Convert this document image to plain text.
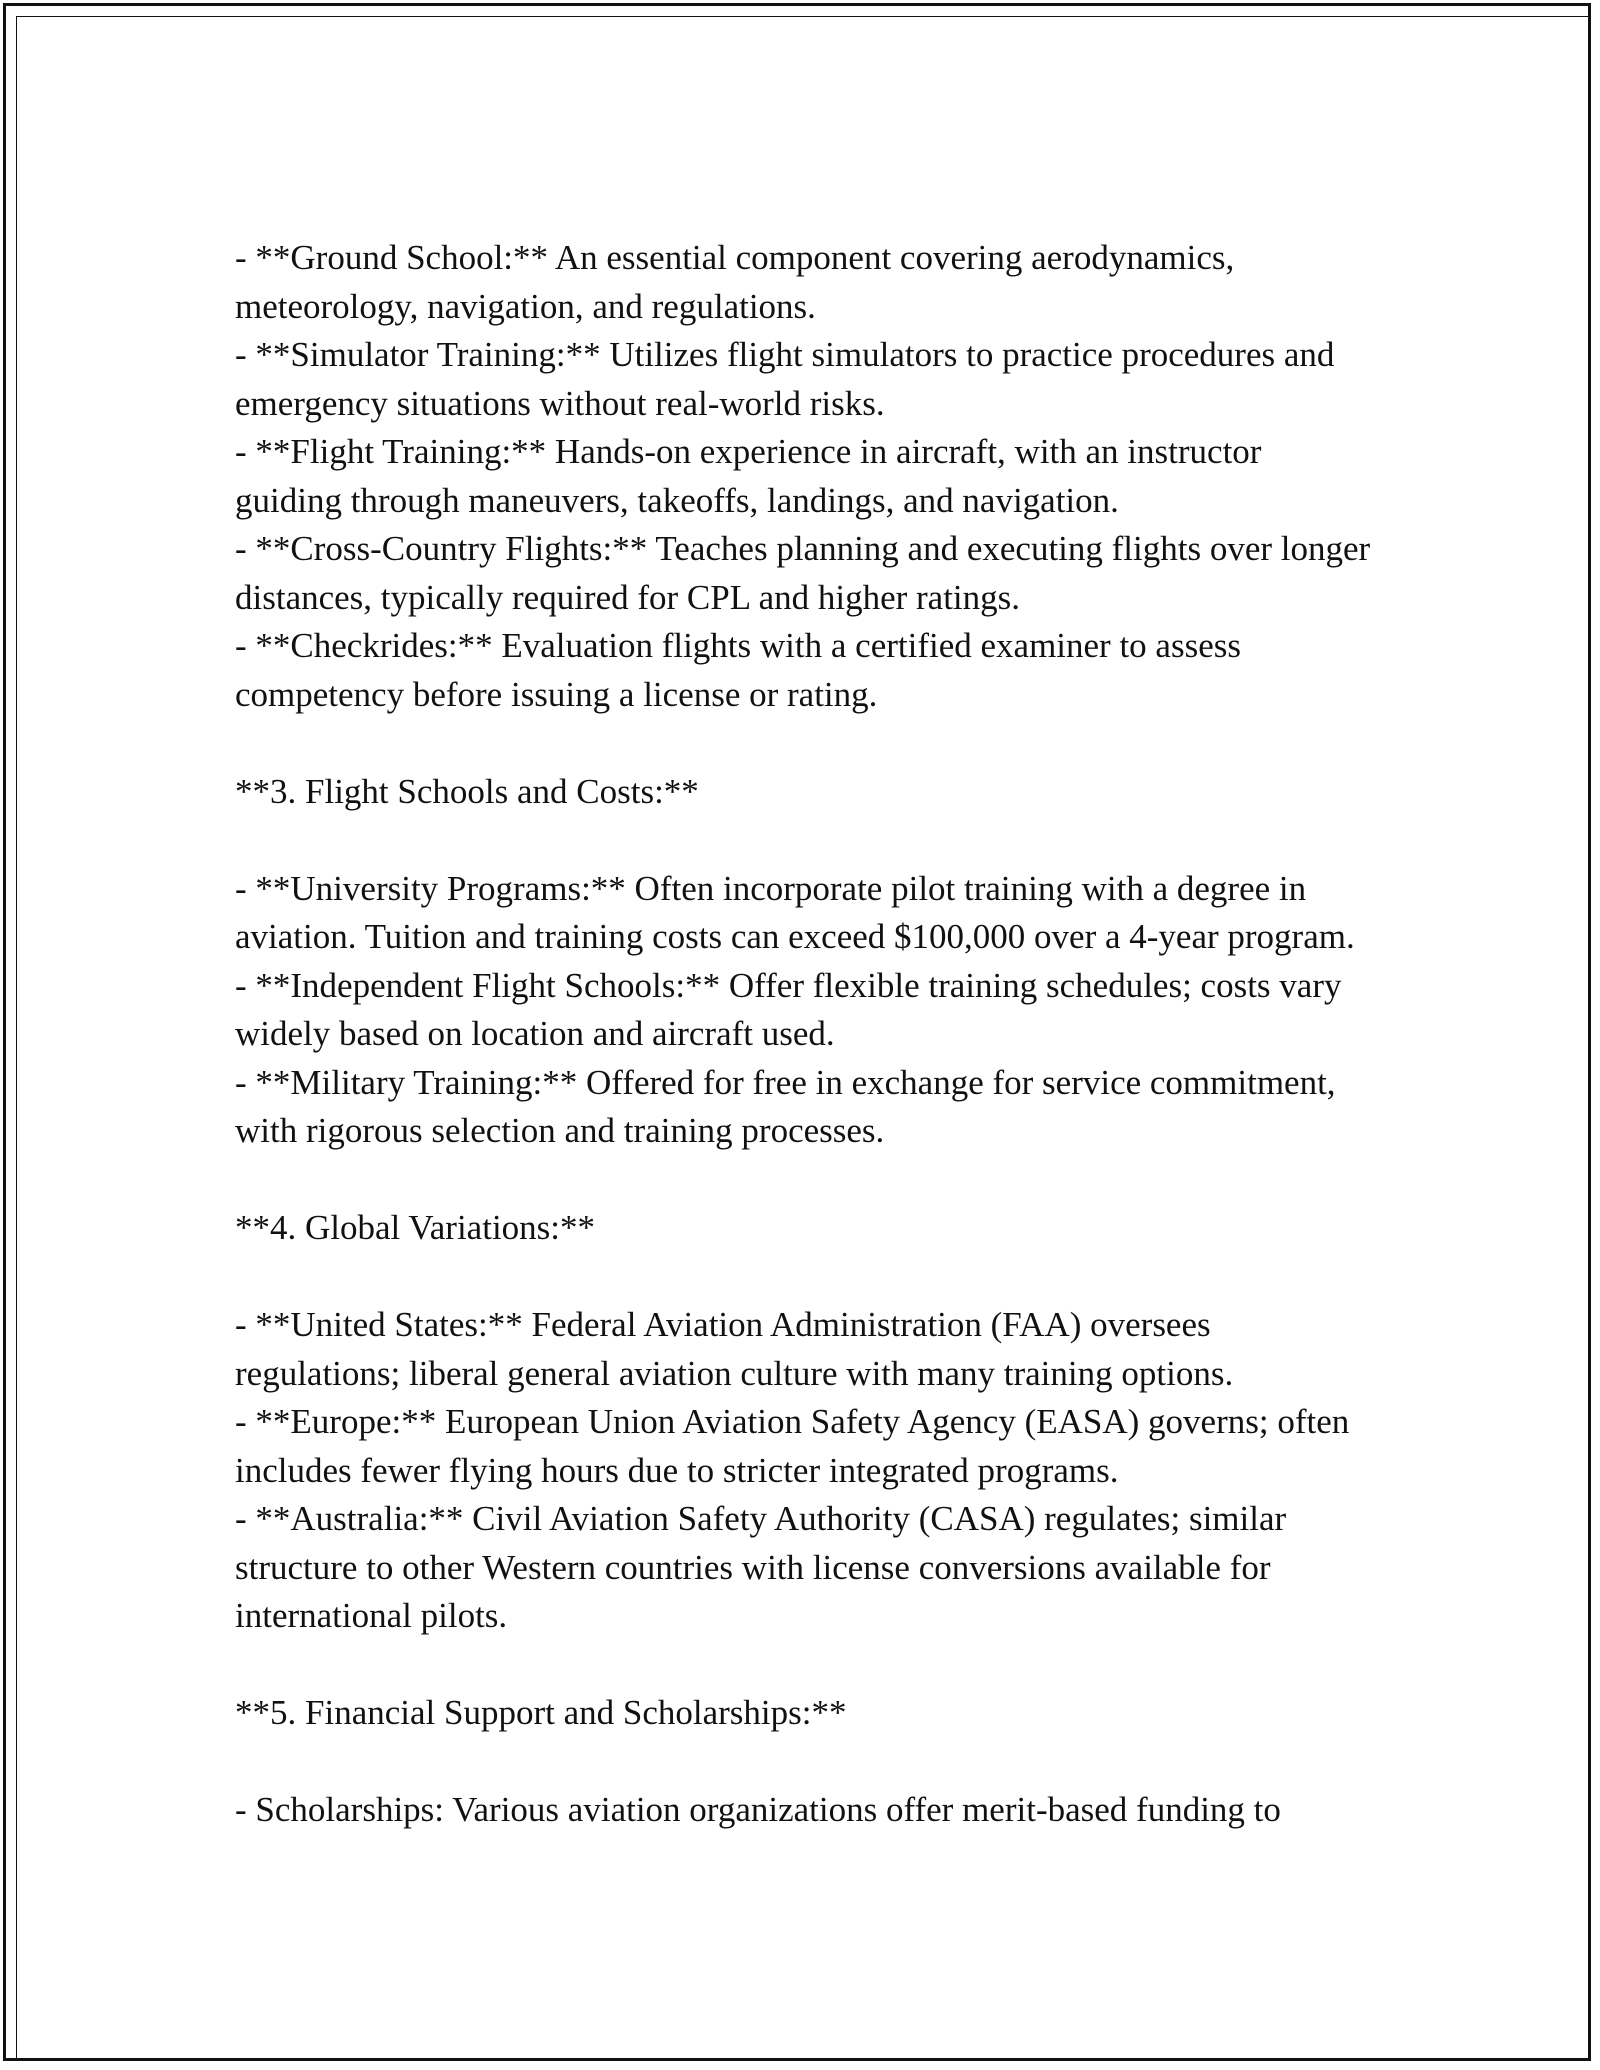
- **Ground School:** An essential component covering aerodynamics, meteorology, navigation, and regulations.

- **Simulator Training:** Utilizes flight simulators to practice procedures and emergency situations without real-world risks.

- **Flight Training:** Hands-on experience in aircraft, with an instructor guiding through maneuvers, takeoffs, landings, and navigation.

- **Cross-Country Flights:** Teaches planning and executing flights over longer distances, typically required for CPL and higher ratings.

- **Checkrides:** Evaluation flights with a certified examiner to assess competency before issuing a license or rating.

**3. Flight Schools and Costs:**

- **University Programs:** Often incorporate pilot training with a degree in aviation. Tuition and training costs can exceed $100,000 over a 4-year program.

- **Independent Flight Schools:** Offer flexible training schedules; costs vary widely based on location and aircraft used.

- **Military Training:** Offered for free in exchange for service commitment, with rigorous selection and training processes.

**4. Global Variations:**

- **United States:** Federal Aviation Administration (FAA) oversees regulations; liberal general aviation culture with many training options.

- **Europe:** European Union Aviation Safety Agency (EASA) governs; often includes fewer flying hours due to stricter integrated programs.

- **Australia:** Civil Aviation Safety Authority (CASA) regulates; similar structure to other Western countries with license conversions available for international pilots.

**5. Financial Support and Scholarships:**

- Scholarships: Various aviation organizations offer merit-based funding to
